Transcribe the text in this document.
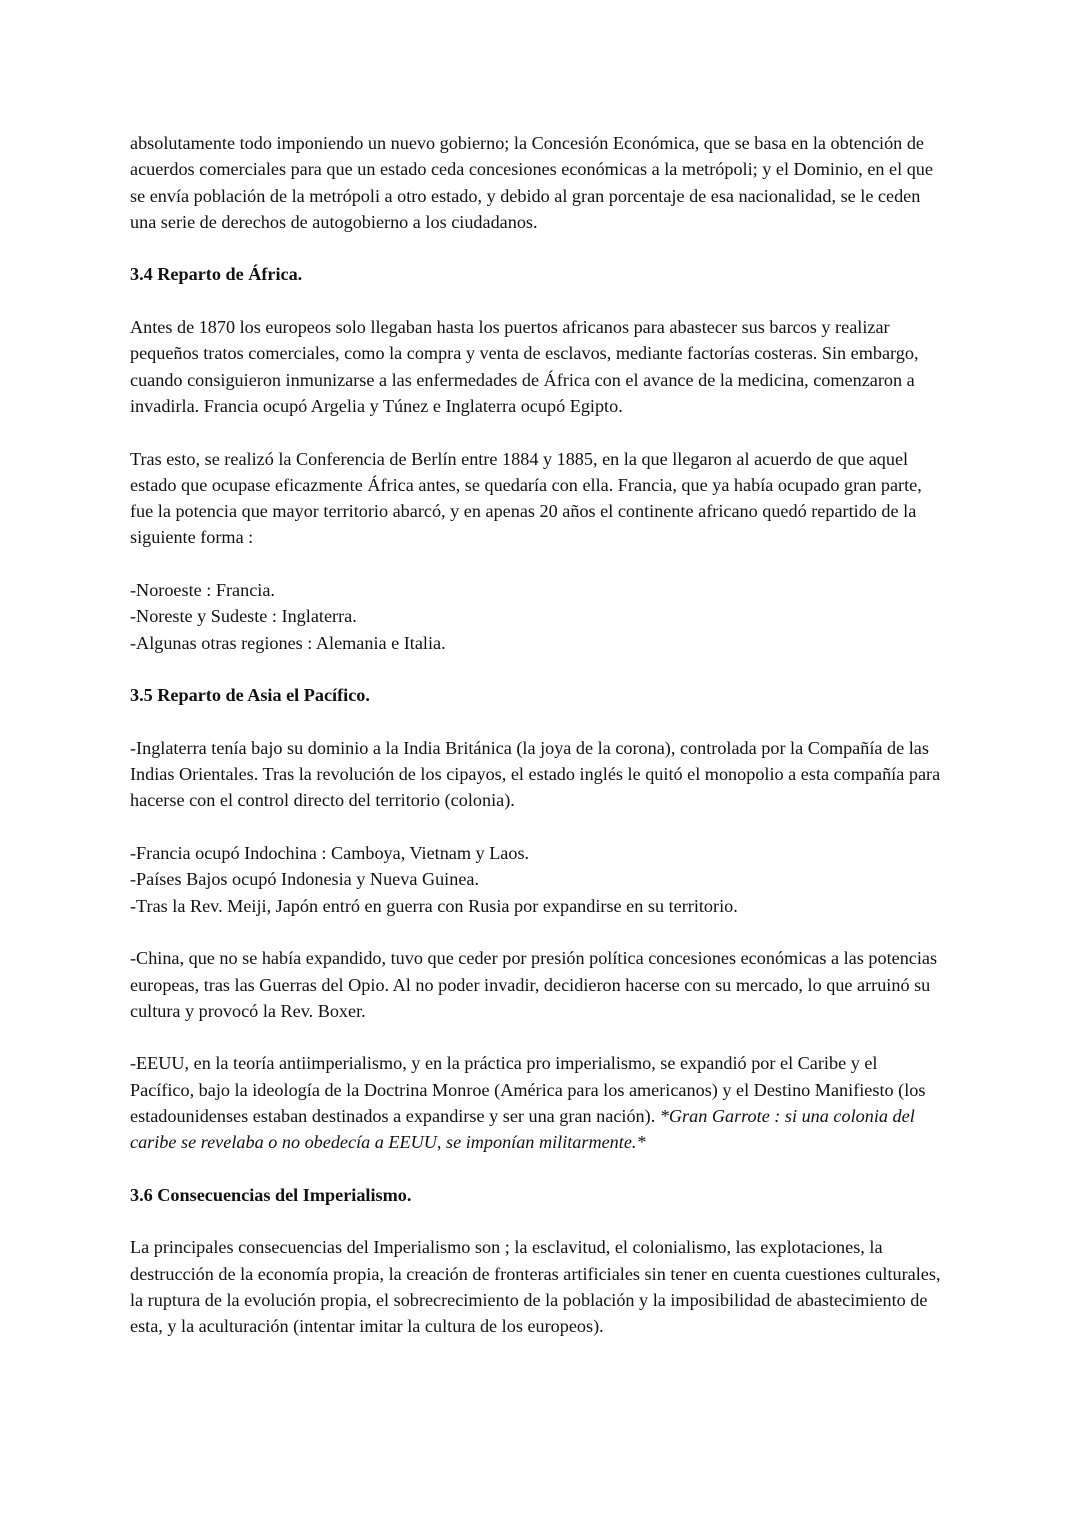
absolutamente todo imponiendo un nuevo gobierno; la Concesión Económica, que se basa en la obtención de acuerdos comerciales para que un estado ceda concesiones económicas a la metrópoli; y el Dominio, en el que se envía población de la metrópoli a otro estado, y debido al gran porcentaje de esa nacionalidad, se le ceden una serie de derechos de autogobierno a los ciudadanos.

3.4 Reparto de África.

Antes de 1870 los europeos solo llegaban hasta los puertos africanos para abastecer sus barcos y realizar pequeños tratos comerciales, como la compra y venta de esclavos, mediante factorías costeras. Sin embargo, cuando consiguieron inmunizarse a las enfermedades de África con el avance de la medicina, comenzaron a invadirla. Francia ocupó Argelia y Túnez e Inglaterra ocupó Egipto.

Tras esto, se realizó la Conferencia de Berlín entre 1884 y 1885, en la que llegaron al acuerdo de que aquel estado que ocupase eficazmente África antes, se quedaría con ella. Francia, que ya había ocupado gran parte, fue la potencia que mayor territorio abarcó, y en apenas 20 años el continente africano quedó repartido de la siguiente forma :

-Noroeste : Francia.
-Noreste y Sudeste : Inglaterra.
-Algunas otras regiones : Alemania e Italia.
3.5 Reparto de Asia el Pacífico.

-Inglaterra tenía bajo su dominio a la India Británica (la joya de la corona), controlada por la Compañía de las Indias Orientales. Tras la revolución de los cipayos, el estado inglés le quitó el monopolio a esta compañía para hacerse con el control directo del territorio (colonia).

-Francia ocupó Indochina : Camboya, Vietnam y Laos.
-Países Bajos ocupó Indonesia y Nueva Guinea.
-Tras la Rev. Meiji, Japón entró en guerra con Rusia por expandirse en su territorio.

-China, que no se había expandido, tuvo que ceder por presión política concesiones económicas a las potencias europeas, tras las Guerras del Opio. Al no poder invadir, decidieron hacerse con su mercado, lo que arruinó su cultura y provocó la Rev. Boxer.

-EEUU, en la teoría antiimperialismo, y en la práctica pro imperialismo, se expandió por el Caribe y el Pacífico, bajo la ideología de la Doctrina Monroe (América para los americanos) y el Destino Manifiesto (los estadounidenses estaban destinados a expandirse y ser una gran nación). *Gran Garrote : si una colonia del caribe se revelaba o no obedecía a EEUU, se imponían militarmente.*

3.6 Consecuencias del Imperialismo.

La principales consecuencias del Imperialismo son ; la esclavitud, el colonialismo, las explotaciones, la destrucción de la economía propia, la creación de fronteras artificiales sin tener en cuenta cuestiones culturales, la ruptura de la evolución propia, el sobrecrecimiento de la población y la imposibilidad de abastecimiento de esta, y la aculturación (intentar imitar la cultura de los europeos).
